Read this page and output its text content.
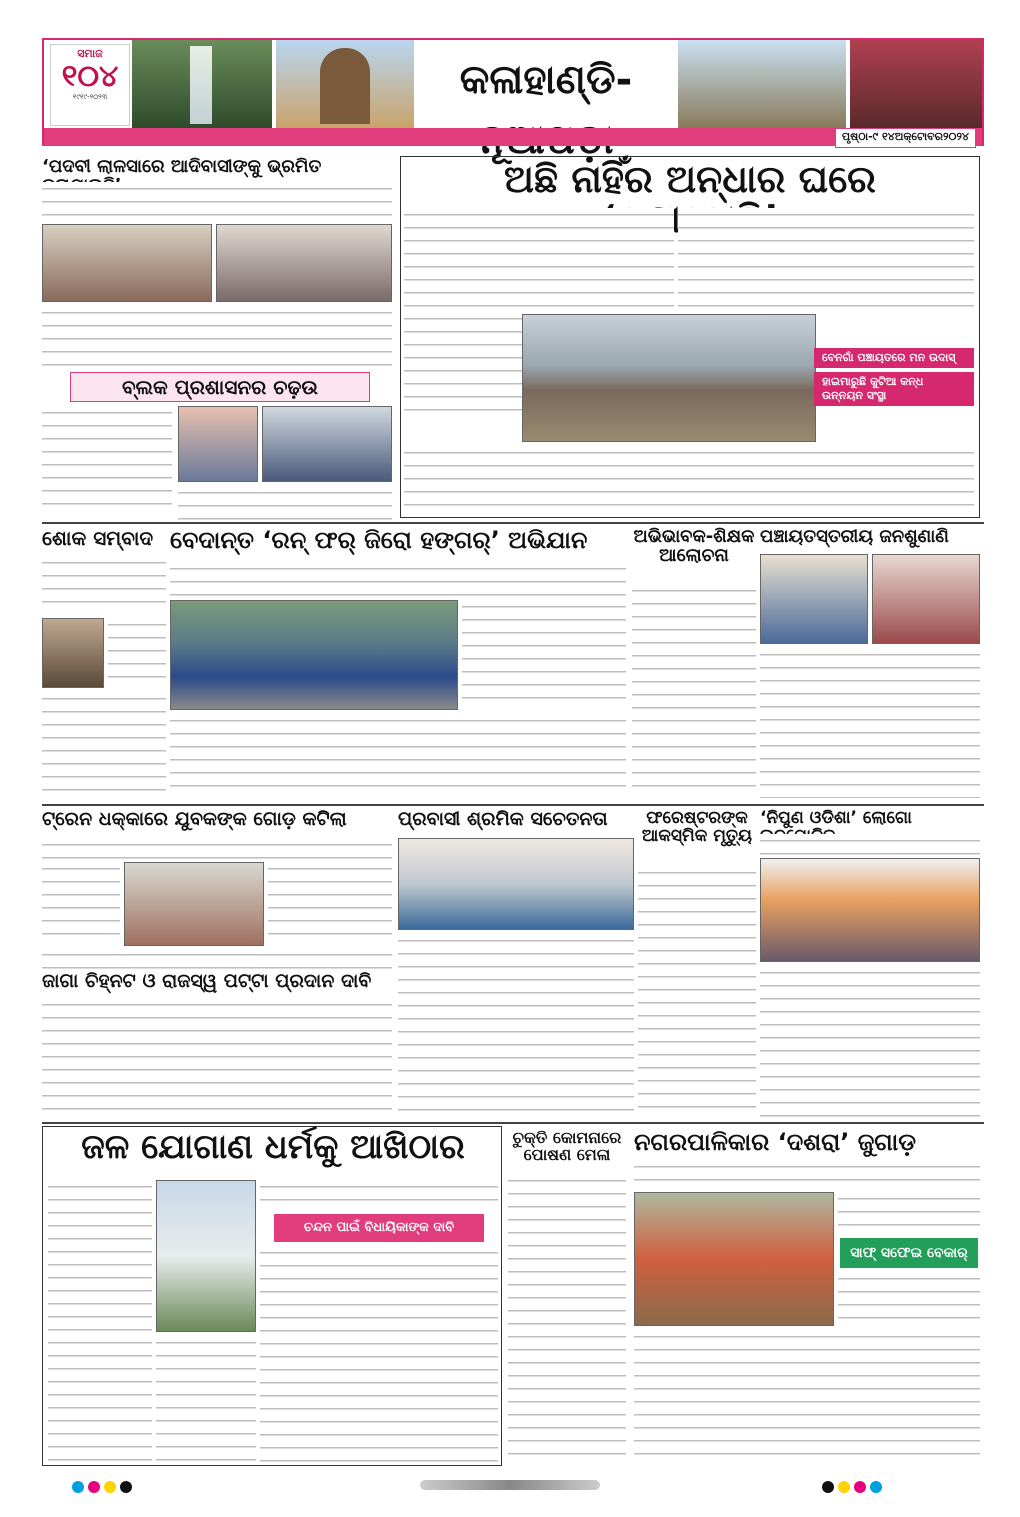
ସମାଜ
୧୦୪
୧୯୧୯-୨୦୨୩	କଳାହାଣ୍ଡି-
ପୃଷ୍ଠା-୯ ୧୪ଅକ୍ଟୋବର୨୦୨୪
‘ପଦବୀ ଲାଳସାରେ ଆଦିବାସୀଙ୍କୁ ଭ୍ରମିତ
ବ୍ଲକ ପ୍ରଶାସନର ଚଢ଼ଉ
ଅଛି ନାହିଁର ଅନ୍ଧାର ଘରେ
ବେନଗାଁ ପଞ୍ଚାୟତରେ ମନ ଉଦାସ୍
ହାଇମାରୁଛି କୁଟିଆ କନ୍ଧ ଉନ୍ନୟନ ସଂସ୍ଥା
ଶୋକ ସମ୍ବାଦ ବେଦାନ୍ତ ‘ରନ୍ ଫର୍ ଜିରୋ ହଙ୍ଗର୍’ ଅଭିଯାନ	ଅଭିଭାବକ-ଶିକ୍ଷକ ଆଲୋଚନା
ପଞ୍ଚାୟତସ୍ତରୀୟ ଜନଶୁଣାଣି
ଟ୍ରେନ ଧକ୍କାରେ ଯୁବକଙ୍କ ଗୋଡ଼ କଟିଲା
ଜାଗା ଚିହ୍ନଟ ଓ ରାଜସ୍ୱ ପଟ୍ଟା ପ୍ରଦାନ ଦାବି
ପ୍ରବାସୀ ଶ୍ରମିକ ସଚେତନତା	ଫରେଷ୍ଟରଙ୍କ ଆକସ୍ମିକ ମୃତ୍ୟୁ
‘ନିପୁଣ ଓଡିଶା’ ଲୋଗୋ
ଜଳ ଯୋଗାଣ ଧର୍ମକୁ ଆଖିଠାର
ଚନ୍ଦନ ପାଇଁ ବିଧାୟିକାଙ୍କ ଦାବି
ଚୁକ୍ତି କୋମନାରେ ପୋଷଣ ମେଳା ନଗରପାଳିକାର ‘ଦଶରା’ ଜୁଗାଡ଼
ସାଫ୍ ସଫେଇ ବେକାର୍
